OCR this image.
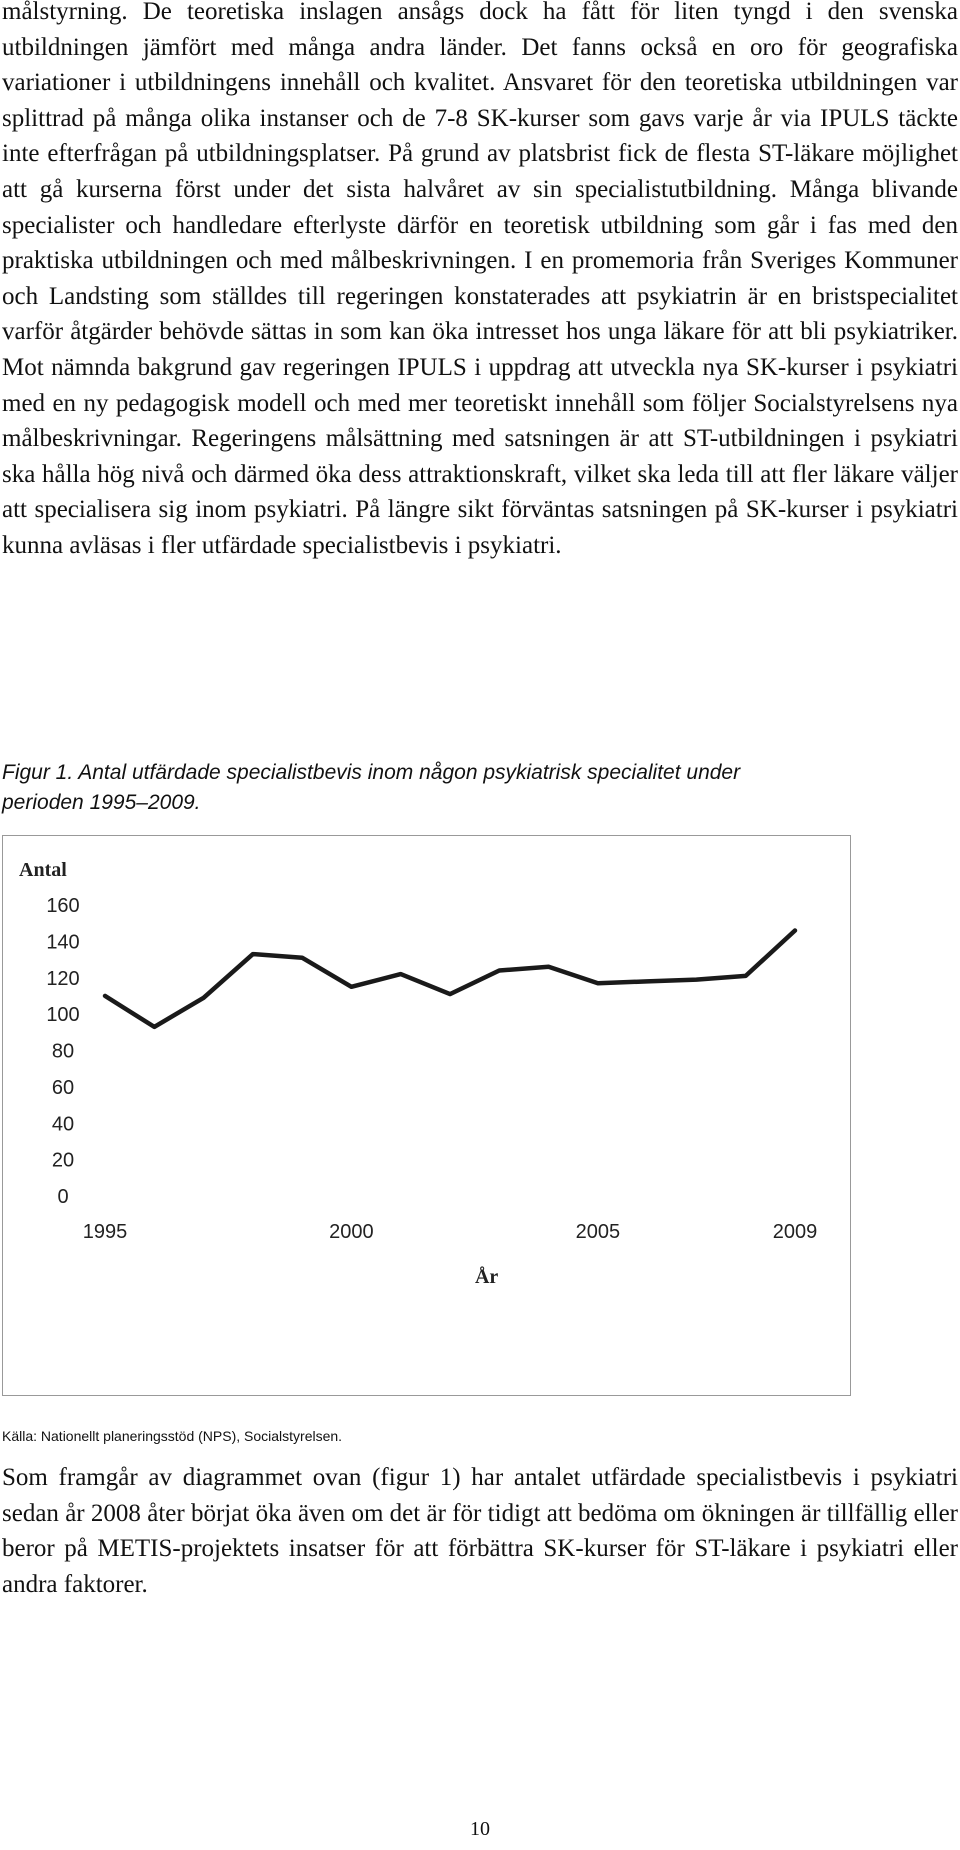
målstyrning. De teoretiska inslagen ansågs dock ha fått för liten tyngd i den svenska utbildningen jämfört med många andra länder. Det fanns också en oro för geografiska variationer i utbildningens innehåll och kvalitet. Ansvaret för den teoretiska utbildningen var splittrad på många olika instanser och de 7-8 SK-kurser som gavs varje år via IPULS täckte inte efterfrågan på utbildningsplatser. På grund av platsbrist fick de flesta ST-läkare möjlighet att gå kurserna först under det sista halvåret av sin specialistutbildning. Många blivande specialister och handledare efterlyste därför en teoretisk utbildning som går i fas med den praktiska utbildningen och med målbeskrivningen. I en promemoria från Sveriges Kommuner och Landsting som ställdes till regeringen konstaterades att psykiatrin är en bristspecialitet varför åtgärder behövde sättas in som kan öka intresset hos unga läkare för att bli psykiatriker. Mot nämnda bakgrund gav regeringen IPULS i uppdrag att utveckla nya SK-kurser i psykiatri med en ny pedagogisk modell och med mer teoretiskt innehåll som följer Socialstyrelsens nya målbeskrivningar. Regeringens målsättning med satsningen är att ST-utbildningen i psykiatri ska hålla hög nivå och därmed öka dess attraktionskraft, vilket ska leda till att fler läkare väljer att specialisera sig inom psykiatri. På längre sikt förväntas satsningen på SK-kurser i psykiatri kunna avläsas i fler utfärdade specialistbevis i psykiatri.

Figur 1. Antal utfärdade specialistbevis inom någon psykiatrisk specialitet under

perioden 1995–2009.

Antal
0
20
40
60
80
100
120
140
160
1995	2000	2005	2009
År
Källa: Nationellt planeringsstöd (NPS), Socialstyrelsen.

Som framgår av diagrammet ovan (figur 1) har antalet utfärdade specialistbevis i psykiatri sedan år 2008 åter börjat öka även om det är för tidigt att bedöma om ökningen är tillfällig eller beror på METIS-projektets insatser för att förbättra SK-kurser för ST-läkare i psykiatri eller andra faktorer.

10
